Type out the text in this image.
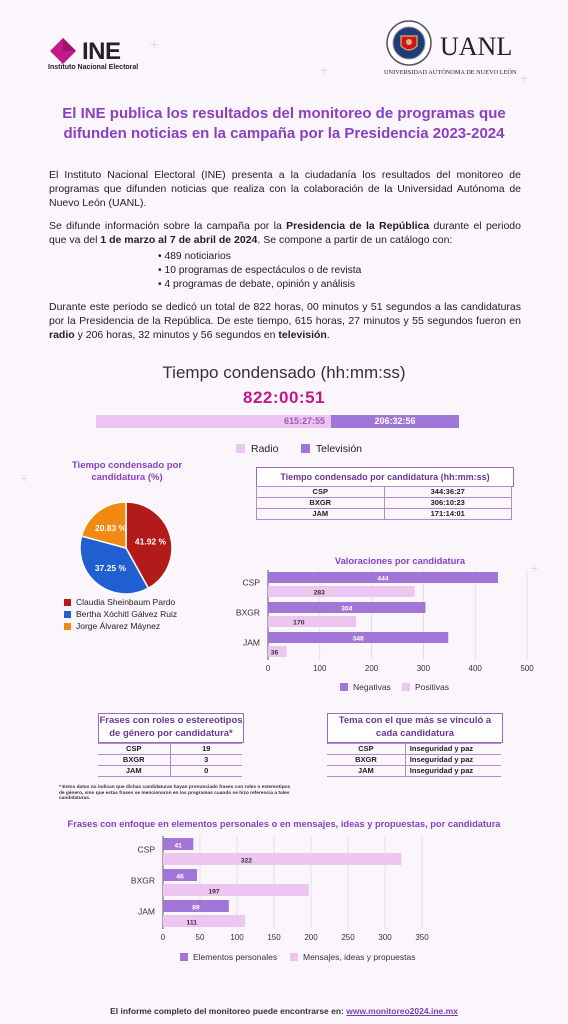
+
+	+
+
+
INE
Instituto Nacional Electoral
UANL
UNIVERSIDAD AUTÓNOMA DE NUEVO LEÓN
El INE publica los resultados del monitoreo de programas que difunden noticias en la campaña por la Presidencia 2023-2024
El Instituto Nacional Electoral (INE) presenta a la ciudadanía los resultados del monitoreo de programas que difunden noticias que realiza con la colaboración de la Universidad Autónoma de Nuevo León (UANL).
Se difunde información sobre la campaña por la Presidencia de la República durante el periodo que va del 1 de marzo al 7 de abril de 2024. Se compone a partir de un catálogo con:
• 489 noticiarios
• 10 programas de espectáculos o de revista
• 4 programas de debate, opinión y análisis
Durante este periodo se dedicó un total de 822 horas, 00 minutos y 51 segundos a las candidaturas por la Presidencia de la República. De este tiempo, 615 horas, 27 minutos y 55 segundos fueron en radio y 206 horas, 32 minutos y 56 segundos en televisión.
Tiempo condensado (hh:mm:ss)
822:00:51
615:27:55	206:32:56
Radio	Televisión
Tiempo condensado por candidatura (%)
41.92 %
37.25 %
20.83 %
Claudia Sheinbaum Pardo
Bertha Xóchitl Gálvez Ruiz
Jorge Álvarez Máynez
Tiempo condensado por candidatura (hh:mm:ss)
CSP	344:36:27
BXGR	306:10:23
JAM	171:14:01
Valoraciones por candidatura
0	100	200	300	400	500
CSP	444
283
BXGR	304
170
JAM	348
36
Negativas	Positivas
Frases con roles o estereotipos de género por candidatura*
CSP	19
BXGR	3
JAM	0
Tema con el que más se vinculó a cada candidatura
CSP	Inseguridad y paz
BXGR	Inseguridad y paz
JAM	Inseguridad y paz
* Estos datos no indican que dichas candidaturas hayan pronunciado frases con roles o estereotipos de género, sino que estas frases se mencionaron en los programas cuando se hizo referencia a tales candidaturas.
Frases con enfoque en elementos personales o en mensajes, ideas y propuestas, por candidatura
0	50	100	150	200	250	300	350
CSP	41
322
BXGR	46
197
JAM	89
111
Elementos personales	Mensajes, ideas y propuestas
El informe completo del monitoreo puede encontrarse en: www.monitoreo2024.ine.mx
